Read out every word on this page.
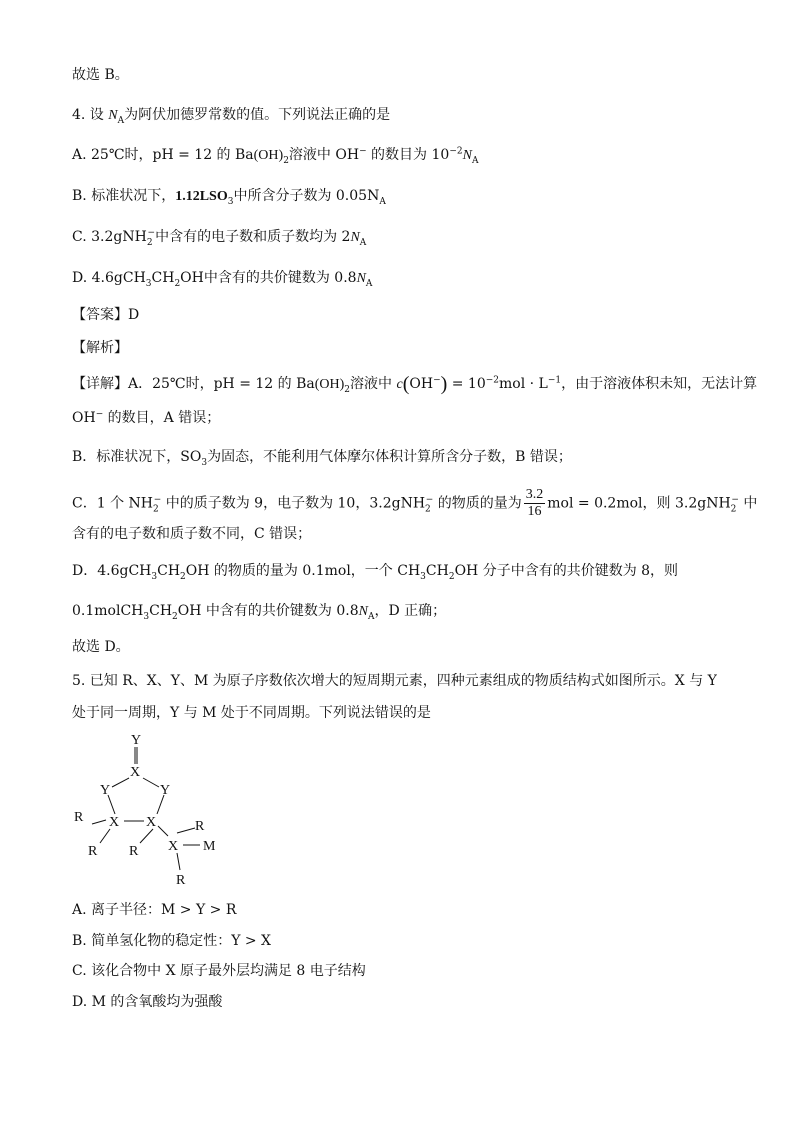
故选 B。
4. 设 $N_A$为阿伏加德罗常数的值。下列说法正确的是
A. 25℃时，pH = 12 的 $Ba(OH)_2$溶液中 OH− 的数目为 $10^{-2}N_A$
B. 标准状况下，$1.12LSO_3$中所含分子数为 $0.05N_A$
C. 3.2gNH$_2$−中含有的电子数和质子数均为 $2N_A$
D. $4.6gCH_3CH_2OH$中含有的共价键数为 $0.8N_A$
【答案】D
【解析】
【详解】A．25℃时，pH = 12 的 $Ba(OH)_2$溶液中 $c(OH^-) = 10^{-2}mol \cdot L^{-1}$，由于溶液体积未知，无法计算
OH− 的数目，A 错误；
B．标准状况下，$SO_3$为固态，不能利用气体摩尔体积计算所含分子数，B 错误；
C．1 个 $NH_2^-$ 中的质子数为 9，电子数为 10，3.2gNH$_2$− 的物质的量为 $\frac{3.2}{16}$ mol = 0.2mol，则 3.2gNH$_2$− 中
含有的电子数和质子数不同，C 错误；
D．$4.6gCH_3CH_2OH$ 的物质的量为 0.1mol，一个 $CH_3CH_2OH$ 分子中含有的共价键数为 8，则
$0.1molCH_3CH_2OH$ 中含有的共价键数为 $0.8N_A$，D 正确；
故选 D。
5. 已知 R、X、Y、M 为原子序数依次增大的短周期元素，四种元素组成的物质结构式如图所示。X 与 Y
处于同一周期，Y 与 M 处于不同周期。下列说法错误的是
Y
X
Y	Y
R X X
R R X
R
M
R
A. 离子半径：M > Y > R
B. 简单氢化物的稳定性：Y > X
C. 该化合物中 X 原子最外层均满足 8 电子结构
D. M 的含氧酸均为强酸
